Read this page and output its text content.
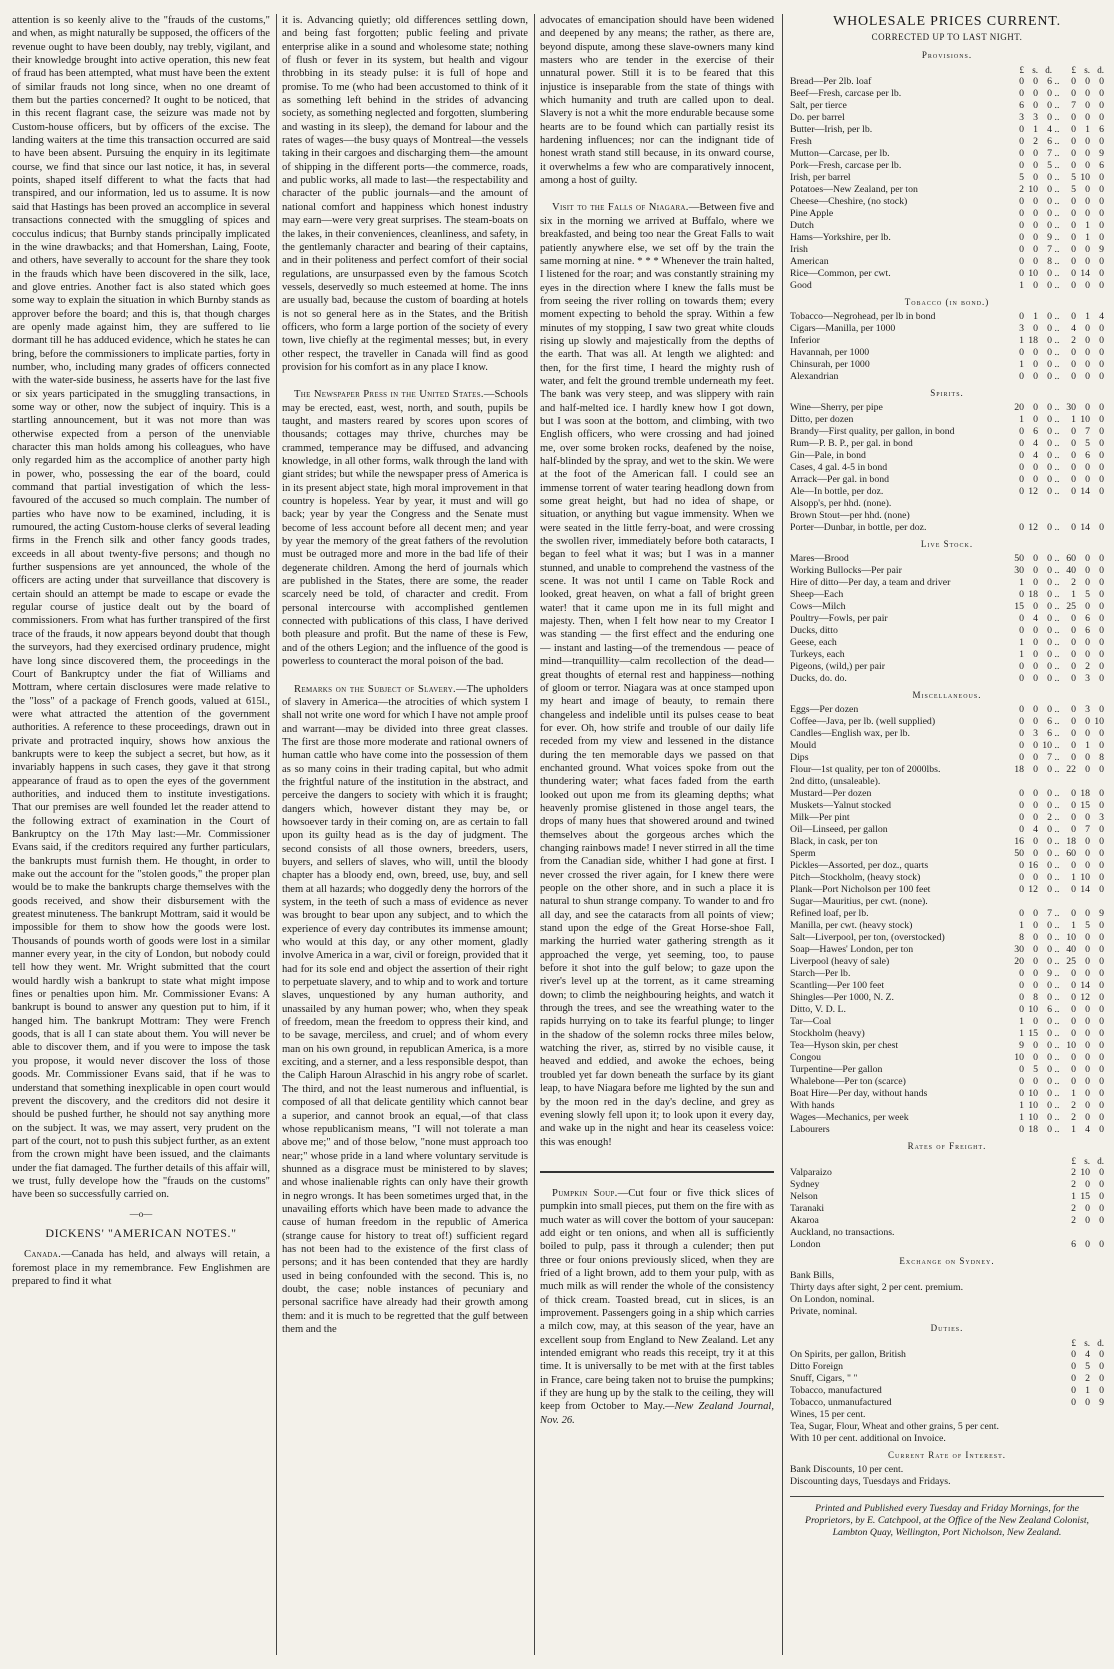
attention is so keenly alive to the "frauds of the customs," and when, as might naturally be supposed, the officers of the revenue ought to have been doubly, nay trebly, vigilant, and their knowledge brought into active operation, this new feat of fraud has been attempted, what must have been the extent of similar frauds not long since, when no one dreamt of them but the parties concerned? It ought to be noticed, that in this recent flagrant case, the seizure was made not by Custom-house officers, but by officers of the excise. The landing waiters at the time this transaction occurred are said to have been absent. Pursuing the enquiry in its legitimate course, we find that since our last notice, it has, in several points, shaped itself different to what the facts that had transpired, and our information, led us to assume. It is now said that Hastings has been proved an accomplice in several transactions connected with the smuggling of spices and cocculus indicus; that Burnby stands principally implicated in the wine drawbacks; and that Homershan, Laing, Foote, and others, have severally to account for the share they took in the frauds which have been discovered in the silk, lace, and glove entries. Another fact is also stated which goes some way to explain the situation in which Burnby stands as approver before the board; and this is, that though charges are openly made against him, they are suffered to lie dormant till he has adduced evidence, which he states he can bring, before the commissioners to implicate parties, forty in number, who, including many grades of officers connected with the water-side business, he asserts have for the last five or six years participated in the smuggling transactions, in some way or other, now the subject of inquiry. This is a startling announcement, but it was not more than was otherwise expected from a person of the unenviable character this man holds among his colleagues, who have only regarded him as the accomplice of another party high in power, who, possessing the ear of the board, could command that partial investigation of which the less-favoured of the accused so much complain. The number of parties who have now to be examined, including, it is rumoured, the acting Custom-house clerks of several leading firms in the French silk and other fancy goods trades, exceeds in all about twenty-five persons; and though no further suspensions are yet announced, the whole of the officers are acting under that surveillance that discovery is certain should an attempt be made to escape or evade the regular course of justice dealt out by the board of commissioners. From what has further transpired of the first trace of the frauds, it now appears beyond doubt that though the surveyors, had they exercised ordinary prudence, might have long since discovered them, the proceedings in the Court of Bankruptcy under the fiat of Williams and Mottram, where certain disclosures were made relative to the "loss" of a package of French goods, valued at 615l., were what attracted the attention of the government authorities. A reference to these proceedings, drawn out in private and protracted inquiry, shows how anxious the bankrupts were to keep the subject a secret, but how, as it invariably happens in such cases, they gave it that strong appearance of fraud as to open the eyes of the government authorities, and induced them to institute investigations. That our premises are well founded let the reader attend to the following extract of examination in the Court of Bankruptcy on the 17th May last:—Mr. Commissioner Evans said, if the creditors required any further particulars, the bankrupts must furnish them. He thought, in order to make out the account for the "stolen goods," the proper plan would be to make the bankrupts charge themselves with the goods received, and show their disbursement with the greatest minuteness. The bankrupt Mottram, said it would be impossible for them to show how the goods were lost. Thousands of pounds worth of goods were lost in a similar manner every year, in the city of London, but nobody could tell how they went. Mr. Wright submitted that the court would hardly wish a bankrupt to state what might impose fines or penalties upon him. Mr. Commissioner Evans: A bankrupt is bound to answer any question put to him, if it hanged him. The bankrupt Mottram: They were French goods, that is all I can state about them. You will never be able to discover them, and if you were to impose the task you propose, it would never discover the loss of those goods. Mr. Commissioner Evans said, that if he was to understand that something inexplicable in open court would prevent the discovery, and the creditors did not desire it should be pushed further, he should not say anything more on the subject. It was, we may assert, very prudent on the part of the court, not to push this subject further, as an extent from the crown might have been issued, and the claimants under the fiat damaged. The further details of this affair will, we trust, fully develope how the "frauds on the customs" have been so successfully carried on.

—o—
DICKENS' "AMERICAN NOTES."

Canada.—Canada has held, and always will retain, a foremost place in my remembrance. Few Englishmen are prepared to find it what

it is. Advancing quietly; old differences settling down, and being fast forgotten; public feeling and private enterprise alike in a sound and wholesome state; nothing of flush or fever in its system, but health and vigour throbbing in its steady pulse: it is full of hope and promise. To me (who had been accustomed to think of it as something left behind in the strides of advancing society, as something neglected and forgotten, slumbering and wasting in its sleep), the demand for labour and the rates of wages—the busy quays of Montreal—the vessels taking in their cargoes and discharging them—the amount of shipping in the different ports—the commerce, roads, and public works, all made to last—the respectability and character of the public journals—and the amount of national comfort and happiness which honest industry may earn—were very great surprises. The steam-boats on the lakes, in their conveniences, cleanliness, and safety, in the gentlemanly character and bearing of their captains, and in their politeness and perfect comfort of their social regulations, are unsurpassed even by the famous Scotch vessels, deservedly so much esteemed at home. The inns are usually bad, because the custom of boarding at hotels is not so general here as in the States, and the British officers, who form a large portion of the society of every town, live chiefly at the regimental messes; but, in every other respect, the traveller in Canada will find as good provision for his comfort as in any place I know.

The Newspaper Press in the United States.—Schools may be erected, east, west, north, and south, pupils be taught, and masters reared by scores upon scores of thousands; cottages may thrive, churches may be crammed, temperance may be diffused, and advancing knowledge, in all other forms, walk through the land with giant strides; but while the newspaper press of America is in its present abject state, high moral improvement in that country is hopeless. Year by year, it must and will go back; year by year the Congress and the Senate must become of less account before all decent men; and year by year the memory of the great fathers of the revolution must be outraged more and more in the bad life of their degenerate children. Among the herd of journals which are published in the States, there are some, the reader scarcely need be told, of character and credit. From personal intercourse with accomplished gentlemen connected with publications of this class, I have derived both pleasure and profit. But the name of these is Few, and of the others Legion; and the influence of the good is powerless to counteract the moral poison of the bad.

Remarks on the Subject of Slavery.—The upholders of slavery in America—the atrocities of which system I shall not write one word for which I have not ample proof and warrant—may be divided into three great classes. The first are those more moderate and rational owners of human cattle who have come into the possession of them as so many coins in their trading capital, but who admit the frightful nature of the institution in the abstract, and perceive the dangers to society with which it is fraught; dangers which, however distant they may be, or howsoever tardy in their coming on, are as certain to fall upon its guilty head as is the day of judgment. The second consists of all those owners, breeders, users, buyers, and sellers of slaves, who will, until the bloody chapter has a bloody end, own, breed, use, buy, and sell them at all hazards; who doggedly deny the horrors of the system, in the teeth of such a mass of evidence as never was brought to bear upon any subject, and to which the experience of every day contributes its immense amount; who would at this day, or any other moment, gladly involve America in a war, civil or foreign, provided that it had for its sole end and object the assertion of their right to perpetuate slavery, and to whip and to work and torture slaves, unquestioned by any human authority, and unassailed by any human power; who, when they speak of freedom, mean the freedom to oppress their kind, and to be savage, merciless, and cruel; and of whom every man on his own ground, in republican America, is a more exciting, and a sterner, and a less responsible despot, than the Caliph Haroun Alraschid in his angry robe of scarlet. The third, and not the least numerous and influential, is composed of all that delicate gentility which cannot bear a superior, and cannot brook an equal,—of that class whose republicanism means, "I will not tolerate a man above me;" and of those below, "none must approach too near;" whose pride in a land where voluntary servitude is shunned as a disgrace must be ministered to by slaves; and whose inalienable rights can only have their growth in negro wrongs. It has been sometimes urged that, in the unavailing efforts which have been made to advance the cause of human freedom in the republic of America (strange cause for history to treat of!) sufficient regard has not been had to the existence of the first class of persons; and it has been contended that they are hardly used in being confounded with the second. This is, no doubt, the case; noble instances of pecuniary and personal sacrifice have already had their growth among them: and it is much to be regretted that the gulf between them and the

advocates of emancipation should have been widened and deepened by any means; the rather, as there are, beyond dispute, among these slave-owners many kind masters who are tender in the exercise of their unnatural power. Still it is to be feared that this injustice is inseparable from the state of things with which humanity and truth are called upon to deal. Slavery is not a whit the more endurable because some hearts are to be found which can partially resist its hardening influences; nor can the indignant tide of honest wrath stand still because, in its onward course, it overwhelms a few who are comparatively innocent, among a host of guilty.

Visit to the Falls of Niagara.—Between five and six in the morning we arrived at Buffalo, where we breakfasted, and being too near the Great Falls to wait patiently anywhere else, we set off by the train the same morning at nine. * * * Whenever the train halted, I listened for the roar; and was constantly straining my eyes in the direction where I knew the falls must be from seeing the river rolling on towards them; every moment expecting to behold the spray. Within a few minutes of my stopping, I saw two great white clouds rising up slowly and majestically from the depths of the earth. That was all. At length we alighted: and then, for the first time, I heard the mighty rush of water, and felt the ground tremble underneath my feet. The bank was very steep, and was slippery with rain and half-melted ice. I hardly knew how I got down, but I was soon at the bottom, and climbing, with two English officers, who were crossing and had joined me, over some broken rocks, deafened by the noise, half-blinded by the spray, and wet to the skin. We were at the foot of the American fall. I could see an immense torrent of water tearing headlong down from some great height, but had no idea of shape, or situation, or anything but vague immensity. When we were seated in the little ferry-boat, and were crossing the swollen river, immediately before both cataracts, I began to feel what it was; but I was in a manner stunned, and unable to comprehend the vastness of the scene. It was not until I came on Table Rock and looked, great heaven, on what a fall of bright green water! that it came upon me in its full might and majesty. Then, when I felt how near to my Creator I was standing — the first effect and the enduring one — instant and lasting—of the tremendous — peace of mind—tranquillity—calm recollection of the dead—great thoughts of eternal rest and happiness—nothing of gloom or terror. Niagara was at once stamped upon my heart and image of beauty, to remain there changeless and indelible until its pulses cease to beat for ever. Oh, how strife and trouble of our daily life receded from my view and lessened in the distance during the ten memorable days we passed on that enchanted ground. What voices spoke from out the thundering water; what faces faded from the earth looked out upon me from its gleaming depths; what heavenly promise glistened in those angel tears, the drops of many hues that showered around and twined themselves about the gorgeous arches which the changing rainbows made! I never stirred in all the time from the Canadian side, whither I had gone at first. I never crossed the river again, for I knew there were people on the other shore, and in such a place it is natural to shun strange company. To wander to and fro all day, and see the cataracts from all points of view; stand upon the edge of the Great Horse-shoe Fall, marking the hurried water gathering strength as it approached the verge, yet seeming, too, to pause before it shot into the gulf below; to gaze upon the river's level up at the torrent, as it came streaming down; to climb the neighbouring heights, and watch it through the trees, and see the wreathing water to the rapids hurrying on to take its fearful plunge; to linger in the shadow of the solemn rocks three miles below, watching the river, as, stirred by no visible cause, it heaved and eddied, and awoke the echoes, being troubled yet far down beneath the surface by its giant leap, to have Niagara before me lighted by the sun and by the moon red in the day's decline, and grey as evening slowly fell upon it; to look upon it every day, and wake up in the night and hear its ceaseless voice: this was enough!

Pumpkin Soup.—Cut four or five thick slices of pumpkin into small pieces, put them on the fire with as much water as will cover the bottom of your saucepan: add eight or ten onions, and when all is sufficiently boiled to pulp, pass it through a culender; then put three or four onions previously sliced, when they are fried of a light brown, add to them your pulp, with as much milk as will render the whole of the consistency of thick cream. Toasted bread, cut in slices, is an improvement. Passengers going in a ship which carries a milch cow, may, at this season of the year, have an excellent soup from England to New Zealand. Let any intended emigrant who reads this receipt, try it at this time. It is universally to be met with at the first tables in France, care being taken not to bruise the pumpkins; if they are hung up by the stalk to the ceiling, they will keep from October to May.—New Zealand Journal, Nov. 26.

WHOLESALE PRICES CURRENT.
CORRECTED UP TO LAST NIGHT.
Provisions.
	£	s.	d.		£	s.	d.
Bread—Per 2lb. loaf	0	0	6	..	0	0	0
Beef—Fresh, carcase per lb.	0	0	0	..	0	0	0
Salt, per tierce	6	0	0	..	7	0	0
Do. per barrel	3	3	0	..	0	0	0
Butter—Irish, per lb.	0	1	4	..	0	1	6
Fresh	0	2	6	..	0	0	0
Mutton—Carcase, per lb.	0	0	7	..	0	0	9
Pork—Fresh, carcase per lb.	0	0	5	..	0	0	6
Irish, per barrel	5	0	0	..	5	10	0
Potatoes—New Zealand, per ton	2	10	0	..	5	0	0
Cheese—Cheshire, (no stock)	0	0	0	..	0	0	0
Pine Apple	0	0	0	..	0	0	0
Dutch	0	0	0	..	0	1	0
Hams—Yorkshire, per lb.	0	0	9	..	0	1	0
Irish	0	0	7	..	0	0	9
American	0	0	8	..	0	0	0
Rice—Common, per cwt.	0	10	0	..	0	14	0
Good	1	0	0	..	0	0	0
Tobacco (in bond.)
Tobacco—Negrohead, per lb in bond	0	1	0	..	0	1	4
Cigars—Manilla, per 1000	3	0	0	..	4	0	0
Inferior	1	18	0	..	2	0	0
Havannah, per 1000	0	0	0	..	0	0	0
Chinsurah, per 1000	1	0	0	..	0	0	0
Alexandrian	0	0	0	..	0	0	0
Spirits.
Wine—Sherry, per pipe	20	0	0	..	30	0	0
Ditto, per dozen	1	0	0	..	1	10	0
Brandy—First quality, per gallon, in bond	0	6	0	..	0	7	0
Rum—P. B. P., per gal. in bond	0	4	0	..	0	5	0
Gin—Pale, in bond	0	4	0	..	0	6	0
Cases, 4 gal. 4-5 in bond	0	0	0	..	0	0	0
Arrack—Per gal. in bond	0	0	0	..	0	0	0
Ale—In bottle, per doz.	0	12	0	..	0	14	0
Alsopp's, per hhd. (none).							
Brown Stout—per hhd. (none)							
Porter—Dunbar, in bottle, per doz.	0	12	0	..	0	14	0
Live Stock.
Mares—Brood	50	0	0	..	60	0	0
Working Bullocks—Per pair	30	0	0	..	40	0	0
Hire of ditto—Per day, a team and driver	1	0	0	..	2	0	0
Sheep—Each	0	18	0	..	1	5	0
Cows—Milch	15	0	0	..	25	0	0
Poultry—Fowls, per pair	0	4	0	..	0	6	0
Ducks, ditto	0	0	0	..	0	6	0
Geese, each	1	0	0	..	0	0	0
Turkeys, each	1	0	0	..	0	0	0
Pigeons, (wild,) per pair	0	0	0	..	0	2	0
Ducks, do. do.	0	0	0	..	0	3	0
Miscellaneous.
Eggs—Per dozen	0	0	0	..	0	3	0
Coffee—Java, per lb. (well supplied)	0	0	6	..	0	0	10
Candles—English wax, per lb.	0	3	6	..	0	0	0
Mould	0	0	10	..	0	1	0
Dips	0	0	7	..	0	0	8
Flour—1st quality, per ton of 2000lbs.	18	0	0	..	22	0	0
2nd ditto, (unsaleable).							
Mustard—Per dozen	0	0	0	..	0	18	0
Muskets—Yalnut stocked	0	0	0	..	0	15	0
Milk—Per pint	0	0	2	..	0	0	3
Oil—Linseed, per gallon	0	4	0	..	0	7	0
Black, in cask, per ton	16	0	0	..	18	0	0
Sperm	50	0	0	..	60	0	0
Pickles—Assorted, per doz., quarts	0	16	0	..	0	0	0
Pitch—Stockholm, (heavy stock)	0	0	0	..	1	10	0
Plank—Port Nicholson per 100 feet	0	12	0	..	0	14	0
Sugar—Mauritius, per cwt. (none).							
Refined loaf, per lb.	0	0	7	..	0	0	9
Manilla, per cwt. (heavy stock)	1	0	0	..	1	5	0
Salt—Liverpool, per ton, (overstocked)	8	0	0	..	10	0	0
Soap—Hawes' London, per ton	30	0	0	..	40	0	0
Liverpool (heavy of sale)	20	0	0	..	25	0	0
Starch—Per lb.	0	0	9	..	0	0	0
Scantling—Per 100 feet	0	0	0	..	0	14	0
Shingles—Per 1000, N. Z.	0	8	0	..	0	12	0
Ditto, V. D. L.	0	10	6	..	0	0	0
Tar—Coal	1	0	0	..	0	0	0
Stockholm (heavy)	1	15	0	..	0	0	0
Tea—Hyson skin, per chest	9	0	0	..	10	0	0
Congou	10	0	0	..	0	0	0
Turpentine—Per gallon	0	5	0	..	0	0	0
Whalebone—Per ton (scarce)	0	0	0	..	0	0	0
Boat Hire—Per day, without hands	0	10	0	..	1	0	0
With hands	1	10	0	..	2	0	0
Wages—Mechanics, per week	1	10	0	..	2	0	0
Labourers	0	18	0	..	1	4	0
Rates of Freight.
	£	s.	d.
Valparaizo	2	10	0
Sydney	2	0	0
Nelson	1	15	0
Taranaki	2	0	0
Akaroa	2	0	0
Auckland, no transactions.			
London	6	0	0
Exchange on Sydney.
Bank Bills,
Thirty days after sight, 2 per cent. premium.
On London, nominal.
Private, nominal.
Duties.
	£	s.	d.
On Spirits, per gallon, British	0	4	0
Ditto Foreign	0	5	0
Snuff, Cigars, " "	0	2	0
Tobacco, manufactured	0	1	0
Tobacco, unmanufactured	0	0	9
Wines, 15 per cent.
Tea, Sugar, Flour, Wheat and other grains, 5 per cent.
With 10 per cent. additional on Invoice.
Current Rate of Interest.
Bank Discounts, 10 per cent.
Discounting days, Tuesdays and Fridays.
Printed and Published every Tuesday and Friday Mornings, for the Proprietors, by E. Catchpool, at the Office of the New Zealand Colonist, Lambton Quay, Wellington, Port Nicholson, New Zealand.
